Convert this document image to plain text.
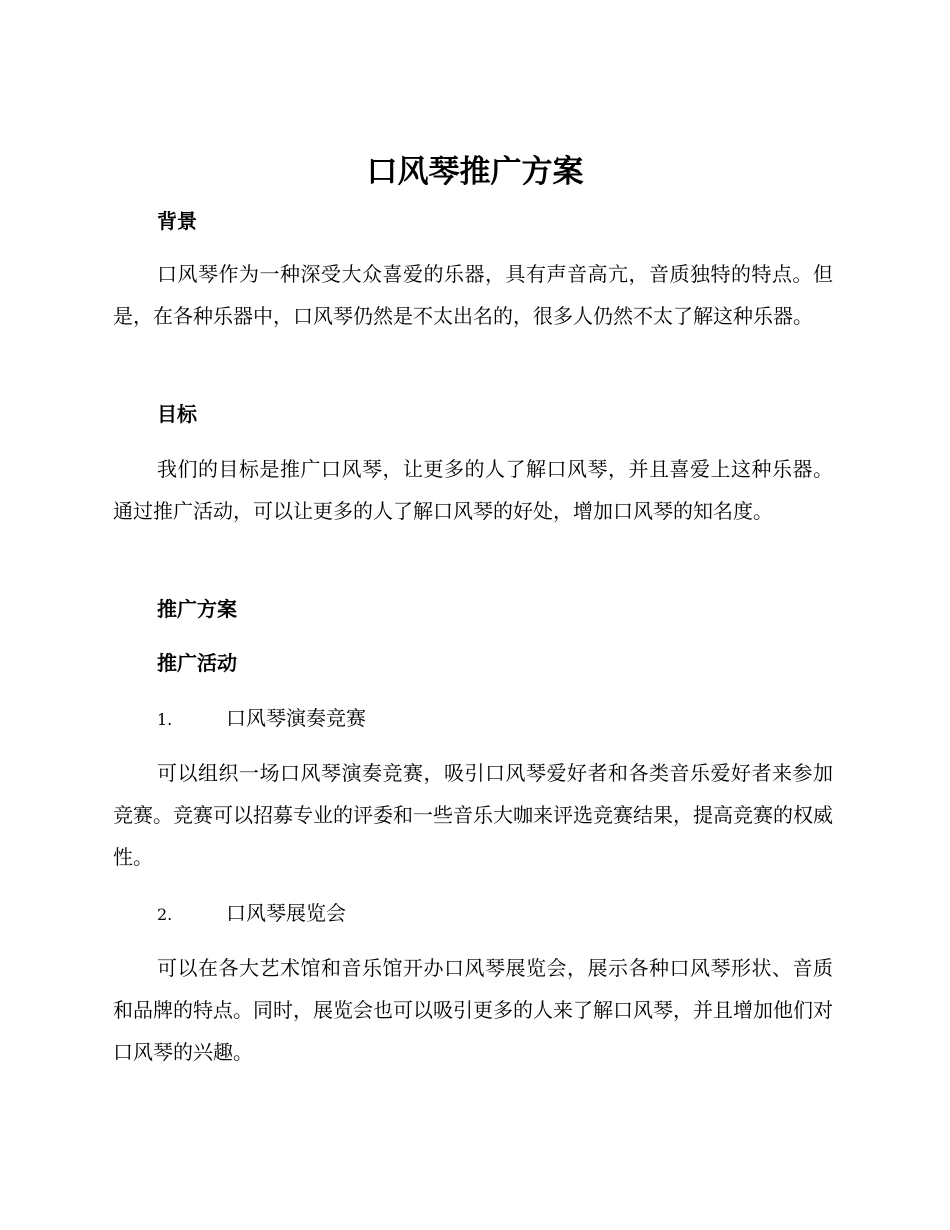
口风琴推广方案
背景

口风琴作为一种深受大众喜爱的乐器，具有声音高亢，音质独特的特点。但是，在各种乐器中，口风琴仍然是不太出名的，很多人仍然不太了解这种乐器。

目标

我们的目标是推广口风琴，让更多的人了解口风琴，并且喜爱上这种乐器。通过推广活动，可以让更多的人了解口风琴的好处，增加口风琴的知名度。

推广方案
推广活动
1.	口风琴演奏竞赛

可以组织一场口风琴演奏竞赛，吸引口风琴爱好者和各类音乐爱好者来参加竞赛。竞赛可以招募专业的评委和一些音乐大咖来评选竞赛结果，提高竞赛的权威性。

2.	口风琴展览会

可以在各大艺术馆和音乐馆开办口风琴展览会，展示各种口风琴形状、音质和品牌的特点。同时，展览会也可以吸引更多的人来了解口风琴，并且增加他们对口风琴的兴趣。
